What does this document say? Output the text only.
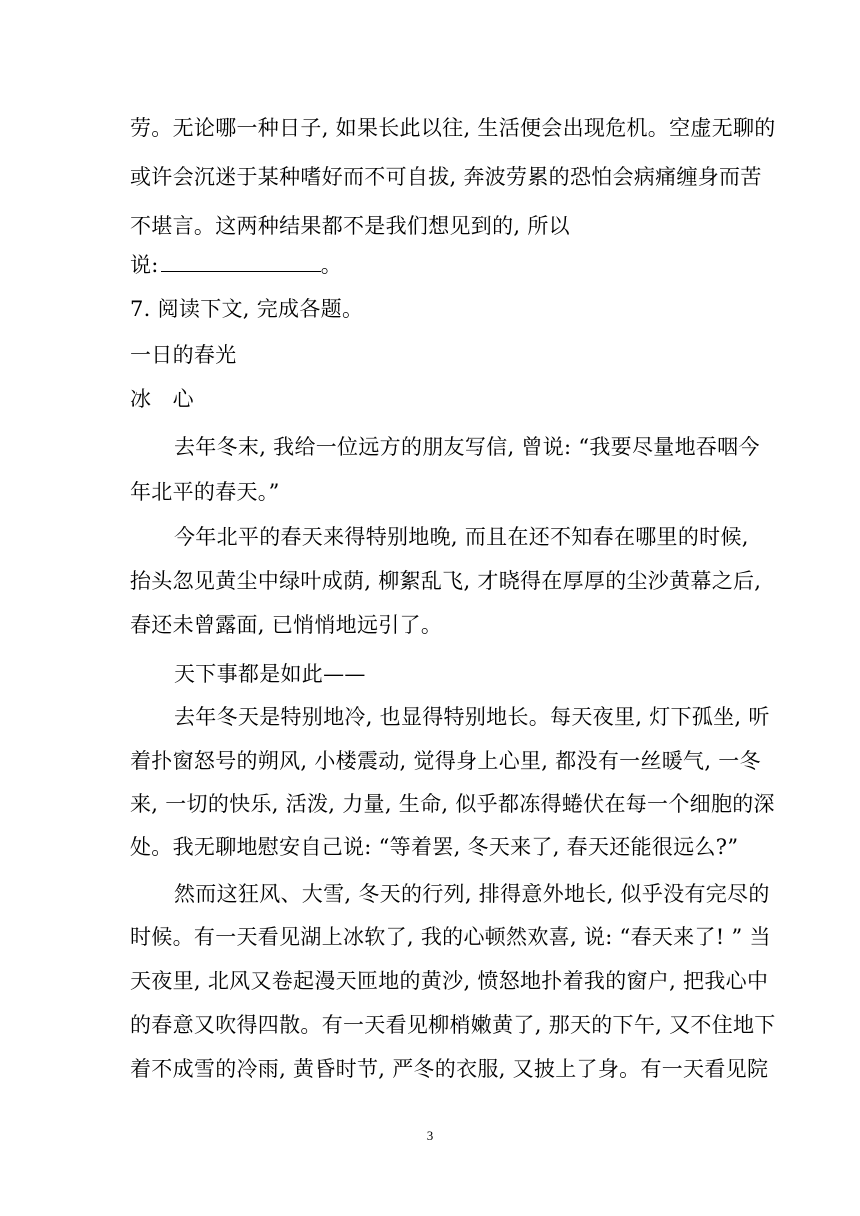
劳。无论哪一种日子, 如果长此以往, 生活便会出现危机。空虚无聊的
或许会沉迷于某种嗜好而不可自拔, 奔波劳累的恐怕会病痛缠身而苦
不堪言。这两种结果都不是我们想见到的, 所以
说:	。
7. 阅读下文, 完成各题。
一日的春光
冰　心
去年冬末, 我给一位远方的朋友写信, 曾说: “我要尽量地吞咽今
年北平的春天。”
今年北平的春天来得特别地晚, 而且在还不知春在哪里的时候,
抬头忽见黄尘中绿叶成荫, 柳絮乱飞, 才晓得在厚厚的尘沙黄幕之后,
春还未曾露面, 已悄悄地远引了。
天下事都是如此——
去年冬天是特别地冷, 也显得特别地长。每天夜里, 灯下孤坐, 听
着扑窗怒号的朔风, 小楼震动, 觉得身上心里, 都没有一丝暖气, 一冬
来, 一切的快乐, 活泼, 力量, 生命, 似乎都冻得蜷伏在每一个细胞的深
处。我无聊地慰安自己说: “等着罢, 冬天来了, 春天还能很远么?”
然而这狂风、大雪, 冬天的行列, 排得意外地长, 似乎没有完尽的
时候。有一天看见湖上冰软了, 我的心顿然欢喜, 说: “春天来了! ” 当
天夜里, 北风又卷起漫天匝地的黄沙, 愤怒地扑着我的窗户, 把我心中
的春意又吹得四散。有一天看见柳梢嫩黄了, 那天的下午, 又不住地下
着不成雪的冷雨, 黄昏时节, 严冬的衣服, 又披上了身。有一天看见院
3
